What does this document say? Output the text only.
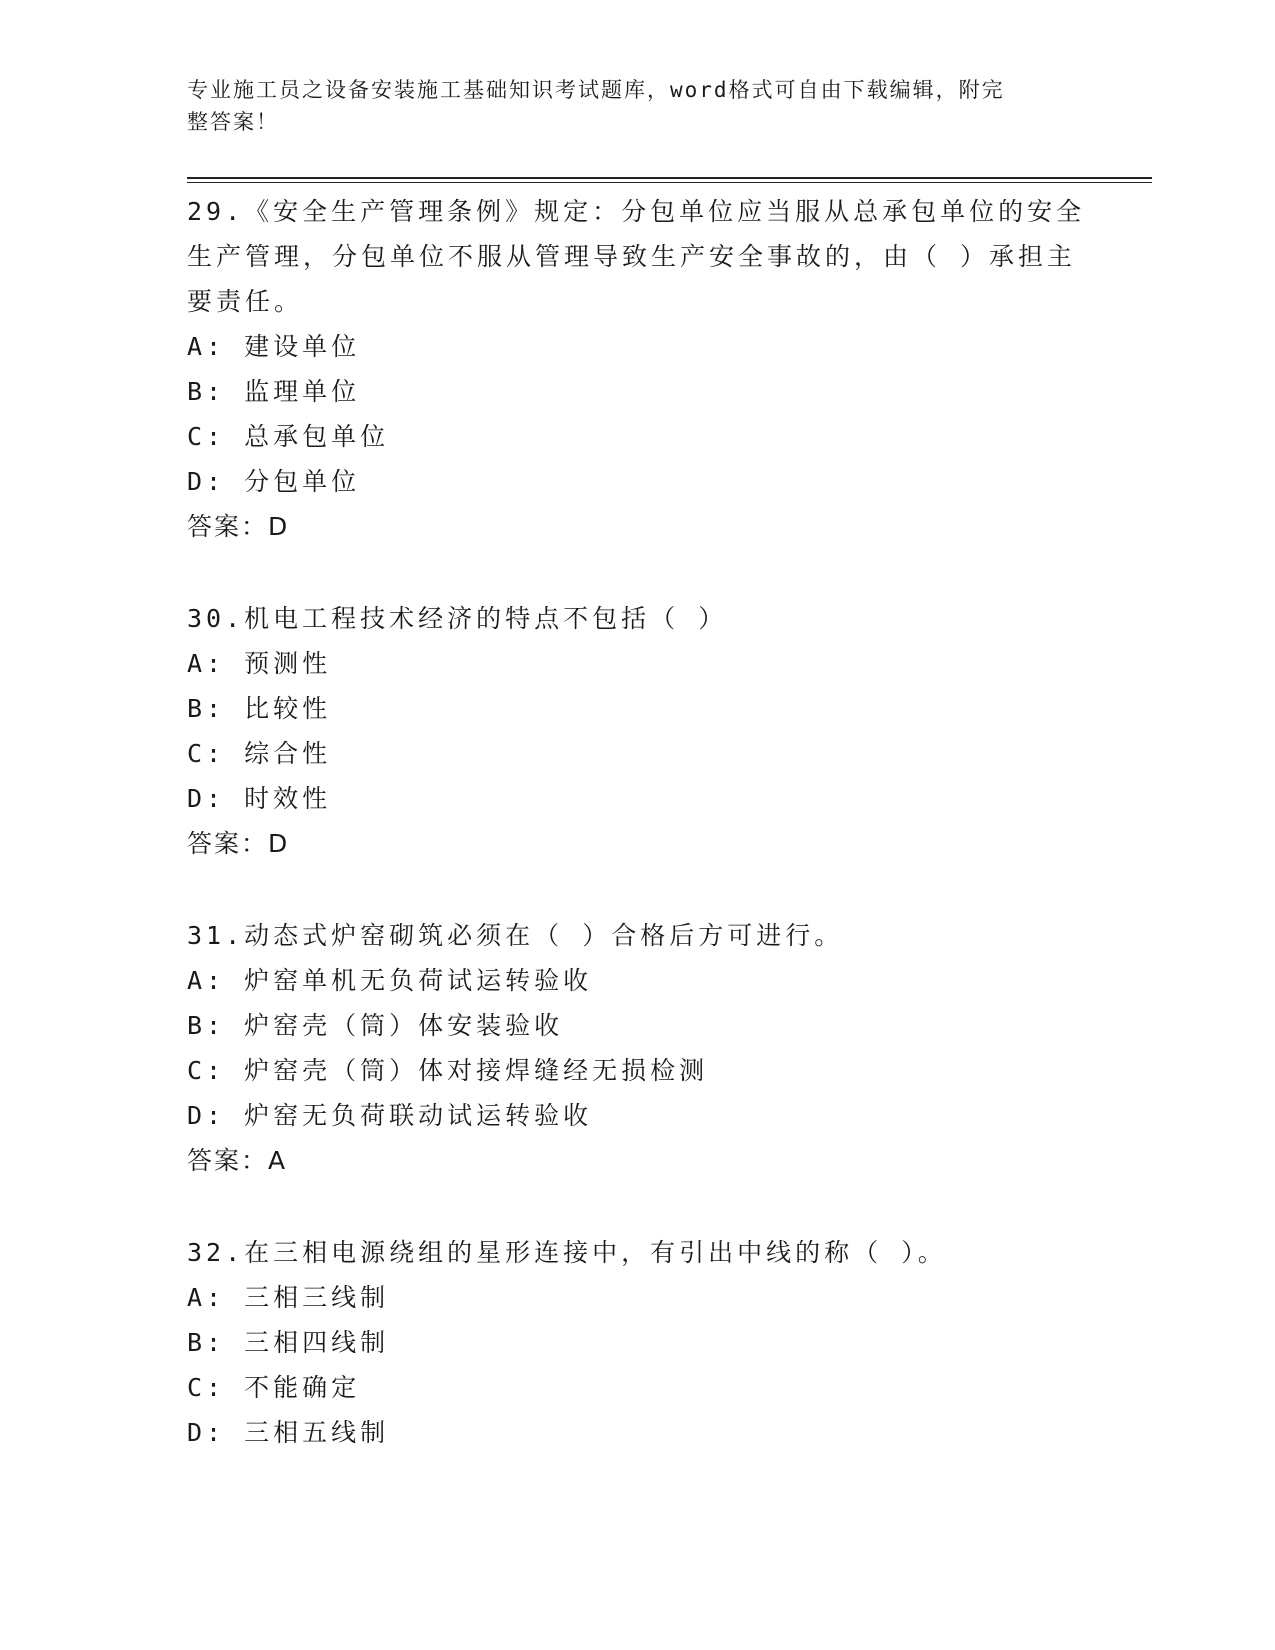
专业施工员之设备安装施工基础知识考试题库，word格式可自由下载编辑，附完
整答案！
29.《安全生产管理条例》规定：分包单位应当服从总承包单位的安全
生产管理，分包单位不服从管理导致生产安全事故的，由（ ）承担主
要责任。
A: 建设单位
B: 监理单位
C: 总承包单位
D: 分包单位
答案：D
30.机电工程技术经济的特点不包括（ ）
A: 预测性
B: 比较性
C: 综合性
D: 时效性
答案：D
31.动态式炉窑砌筑必须在（ ）合格后方可进行。
A: 炉窑单机无负荷试运转验收
B: 炉窑壳（筒）体安装验收
C: 炉窑壳（筒）体对接焊缝经无损检测
D: 炉窑无负荷联动试运转验收
答案：A
32.在三相电源绕组的星形连接中，有引出中线的称（ ）。
A: 三相三线制
B: 三相四线制
C: 不能确定
D: 三相五线制
